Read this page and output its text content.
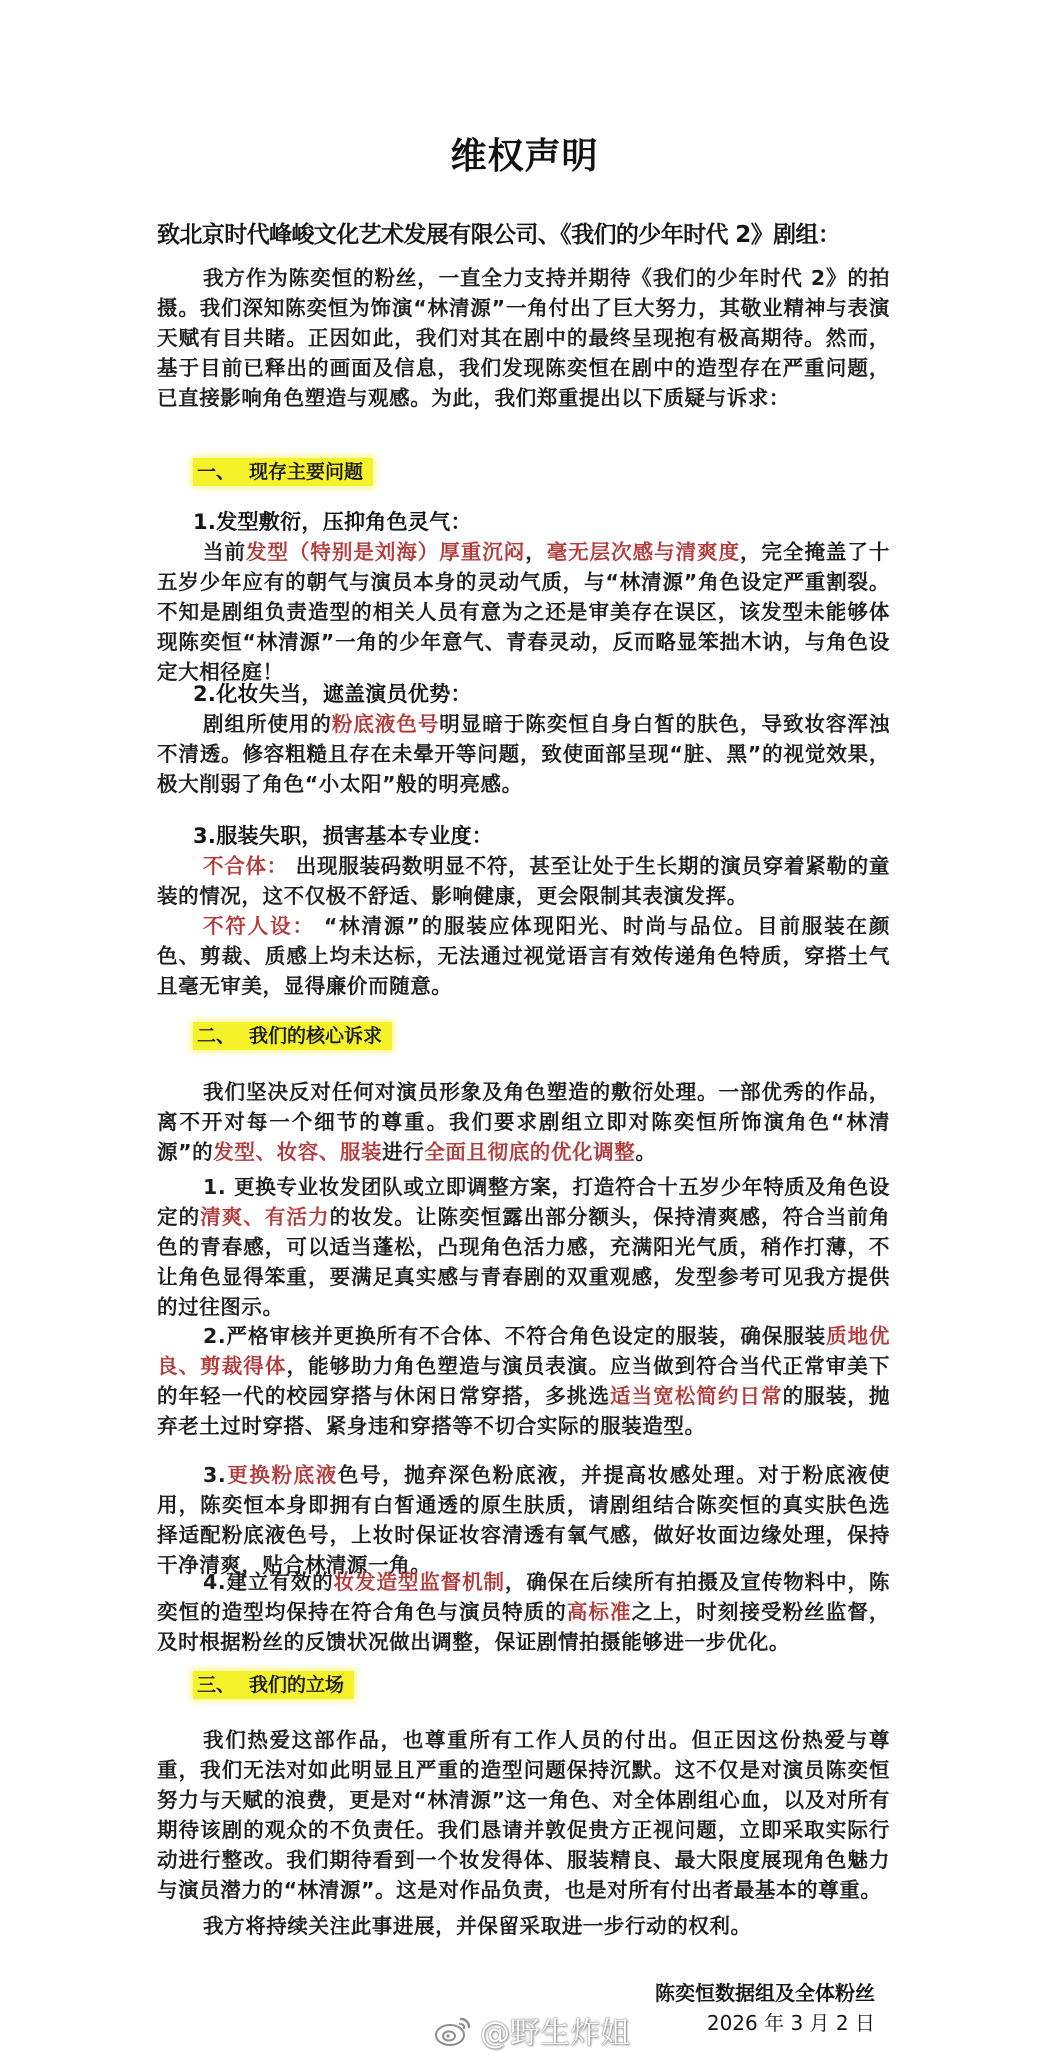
维权声明
致北京时代峰峻文化艺术发展有限公司、《我们的少年时代 2》剧组：

我方作为陈奕恒的粉丝，一直全力支持并期待《我们的少年时代 2》的拍摄。我们深知陈奕恒为饰演“林清源”一角付出了巨大努力，其敬业精神与表演天赋有目共睹。正因如此，我们对其在剧中的最终呈现抱有极高期待。然而，基于目前已释出的画面及信息，我们发现陈奕恒在剧中的造型存在严重问题，已直接影响角色塑造与观感。为此，我们郑重提出以下质疑与诉求：

一、 现存主要问题
1.发型敷衍，压抑角色灵气：

当前发型（特别是刘海）厚重沉闷，毫无层次感与清爽度，完全掩盖了十五岁少年应有的朝气与演员本身的灵动气质，与“林清源”角色设定严重割裂。不知是剧组负责造型的相关人员有意为之还是审美存在误区，该发型未能够体现陈奕恒“林清源”一角的少年意气、青春灵动，反而略显笨拙木讷，与角色设定大相径庭！

2.化妆失当，遮盖演员优势：

剧组所使用的粉底液色号明显暗于陈奕恒自身白皙的肤色，导致妆容浑浊不清透。修容粗糙且存在未晕开等问题，致使面部呈现“脏、黑”的视觉效果，极大削弱了角色“小太阳”般的明亮感。

3.服装失职，损害基本专业度：

不合体： 出现服装码数明显不符，甚至让处于生长期的演员穿着紧勒的童装的情况，这不仅极不舒适、影响健康，更会限制其表演发挥。

不符人设： “林清源”的服装应体现阳光、时尚与品位。目前服装在颜色、剪裁、质感上均未达标，无法通过视觉语言有效传递角色特质，穿搭土气且毫无审美，显得廉价而随意。

二、 我们的核心诉求

我们坚决反对任何对演员形象及角色塑造的敷衍处理。一部优秀的作品，离不开对每一个细节的尊重。我们要求剧组立即对陈奕恒所饰演角色“林清源”的发型、妆容、服装进行全面且彻底的优化调整。

1. 更换专业妆发团队或立即调整方案，打造符合十五岁少年特质及角色设定的清爽、有活力的妆发。让陈奕恒露出部分额头，保持清爽感，符合当前角色的青春感，可以适当蓬松，凸现角色活力感，充满阳光气质，稍作打薄，不让角色显得笨重，要满足真实感与青春剧的双重观感，发型参考可见我方提供的过往图示。

2.严格审核并更换所有不合体、不符合角色设定的服装，确保服装质地优良、剪裁得体，能够助力角色塑造与演员表演。应当做到符合当代正常审美下的年轻一代的校园穿搭与休闲日常穿搭，多挑选适当宽松简约日常的服装，抛弃老土过时穿搭、紧身违和穿搭等不切合实际的服装造型。

3.更换粉底液色号，抛弃深色粉底液，并提高妆感处理。对于粉底液使用，陈奕恒本身即拥有白皙通透的原生肤质，请剧组结合陈奕恒的真实肤色选择适配粉底液色号，上妆时保证妆容清透有氧气感，做好妆面边缘处理，保持干净清爽，贴合林清源一角。

4.建立有效的妆发造型监督机制，确保在后续所有拍摄及宣传物料中，陈奕恒的造型均保持在符合角色与演员特质的高标准之上，时刻接受粉丝监督，及时根据粉丝的反馈状况做出调整，保证剧情拍摄能够进一步优化。

三、 我们的立场

我们热爱这部作品，也尊重所有工作人员的付出。但正因这份热爱与尊重，我们无法对如此明显且严重的造型问题保持沉默。这不仅是对演员陈奕恒努力与天赋的浪费，更是对“林清源”这一角色、对全体剧组心血，以及对所有期待该剧的观众的不负责任。我们恳请并敦促贵方正视问题，立即采取实际行动进行整改。我们期待看到一个妆发得体、服装精良、最大限度展现角色魅力与演员潜力的“林清源”。这是对作品负责，也是对所有付出者最基本的尊重。

我方将持续关注此事进展，并保留采取进一步行动的权利。

陈奕恒数据组及全体粉丝
2026 年 3 月 2 日
@野生炸姐
